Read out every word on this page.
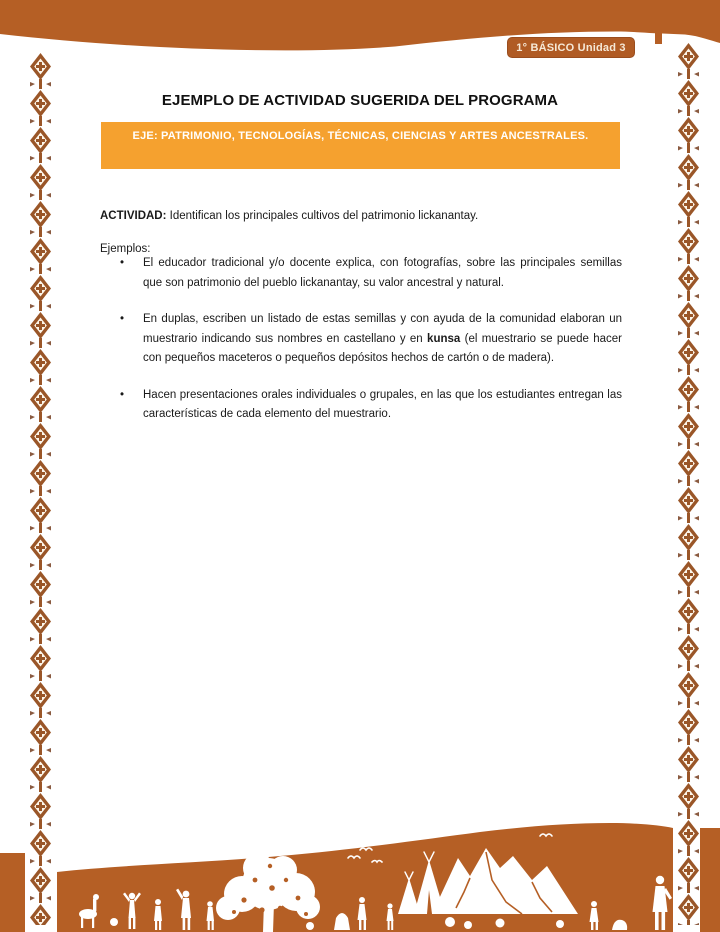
1° BÁSICO Unidad 3
EJEMPLO DE ACTIVIDAD SUGERIDA DEL PROGRAMA
EJE: PATRIMONIO, TECNOLOGÍAS, TÉCNICAS, CIENCIAS Y ARTES ANCESTRALES.
ACTIVIDAD: Identifican los principales cultivos del patrimonio lickanantay.
Ejemplos:
• El educador tradicional y/o docente explica, con fotografías, sobre las principales semillas que son patrimonio del pueblo lickanantay, su valor ancestral y natural.
• En duplas, escriben un listado de estas semillas y con ayuda de la comunidad elaboran un muestrario indicando sus nombres en castellano y en kunsa (el muestrario se puede hacer con pequeños maceteros o pequeños depósitos hechos de cartón o de madera).
• Hacen presentaciones orales individuales o grupales, en las que los estudiantes entregan las características de cada elemento del muestrario.
